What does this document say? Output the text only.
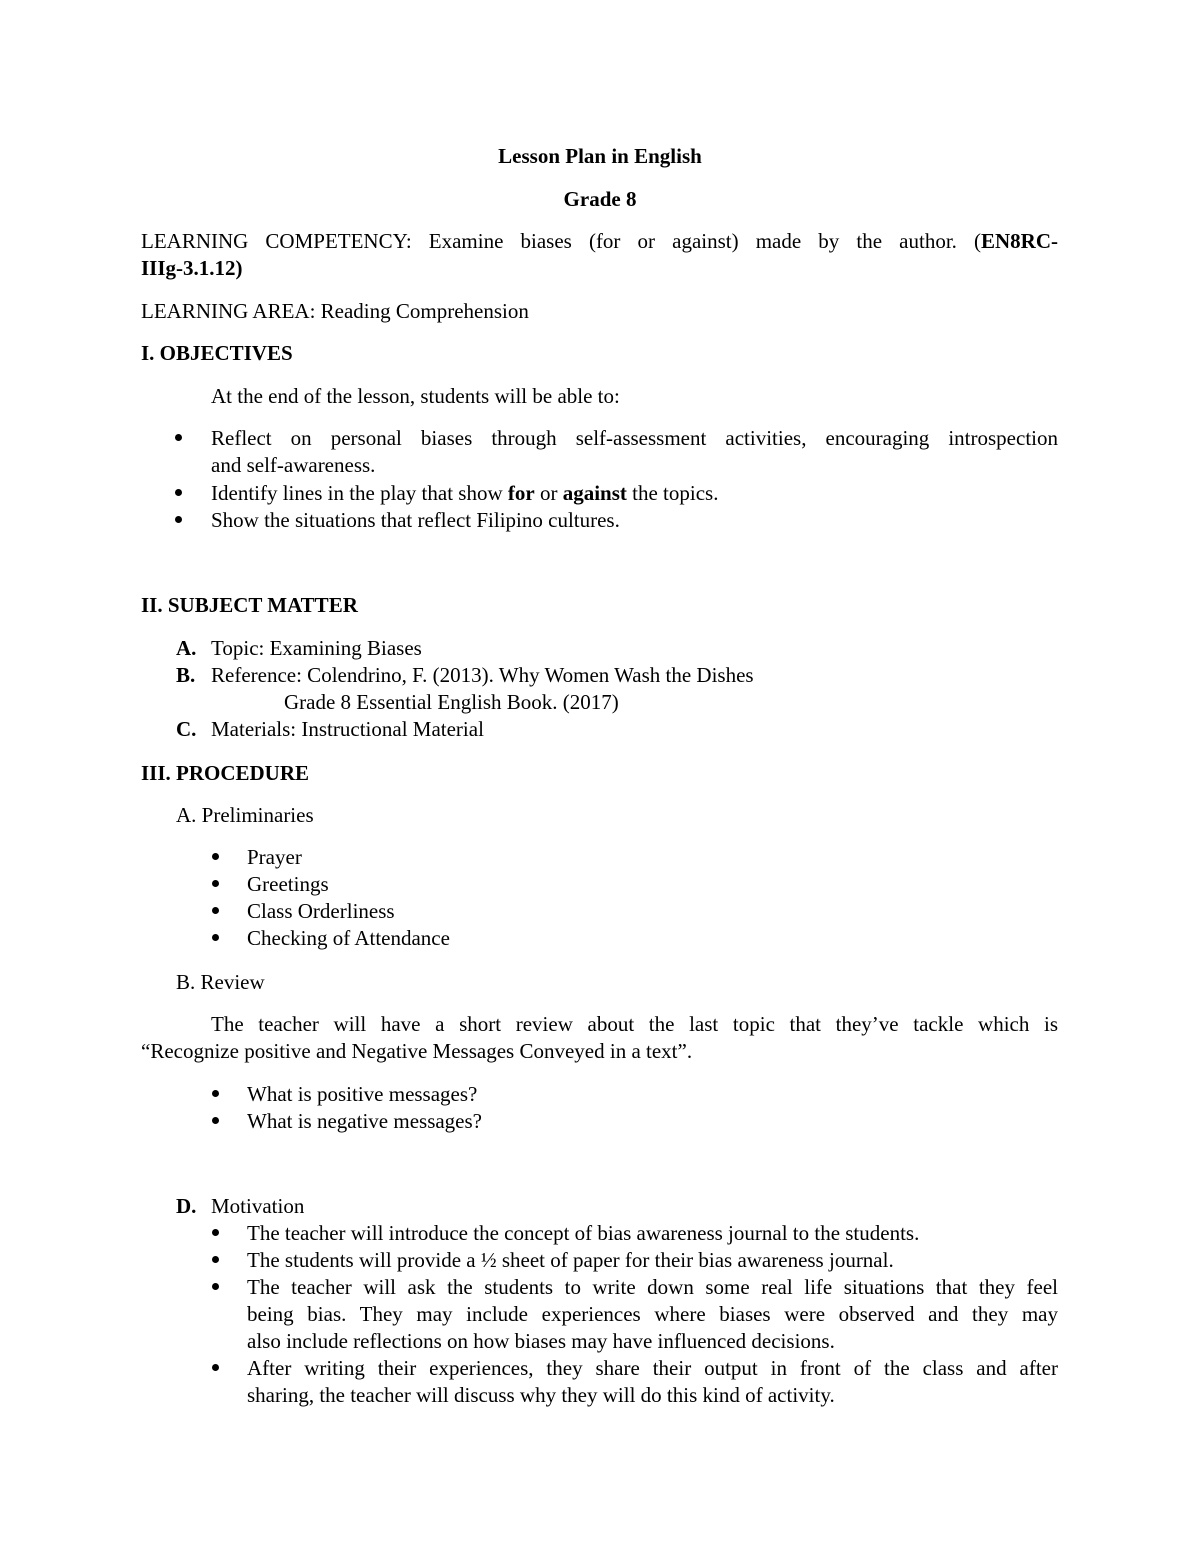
Lesson Plan in English
Grade 8
LEARNING COMPETENCY: Examine biases (for or against) made by the author. (EN8RC-
IIIg-3.1.12)
LEARNING AREA: Reading Comprehension
I. OBJECTIVES
At the end of the lesson, students will be able to:
Reflect on personal biases through self-assessment activities, encouraging introspection
and self-awareness.
Identify lines in the play that show for or against the topics.
Show the situations that reflect Filipino cultures.
II. SUBJECT MATTER
A. Topic: Examining Biases
B. Reference: Colendrino, F. (2013). Why Women Wash the Dishes
Grade 8 Essential English Book. (2017)
C. Materials: Instructional Material
III. PROCEDURE
A. Preliminaries
Prayer
Greetings
Class Orderliness
Checking of Attendance
B. Review
The teacher will have a short review about the last topic that they’ve tackle which is
“Recognize positive and Negative Messages Conveyed in a text”.
What is positive messages?
What is negative messages?
D. Motivation
The teacher will introduce the concept of bias awareness journal to the students.
The students will provide a ½ sheet of paper for their bias awareness journal.
The teacher will ask the students to write down some real life situations that they feel
being bias. They may include experiences where biases were observed and they may
also include reflections on how biases may have influenced decisions.
After writing their experiences, they share their output in front of the class and after
sharing, the teacher will discuss why they will do this kind of activity.
